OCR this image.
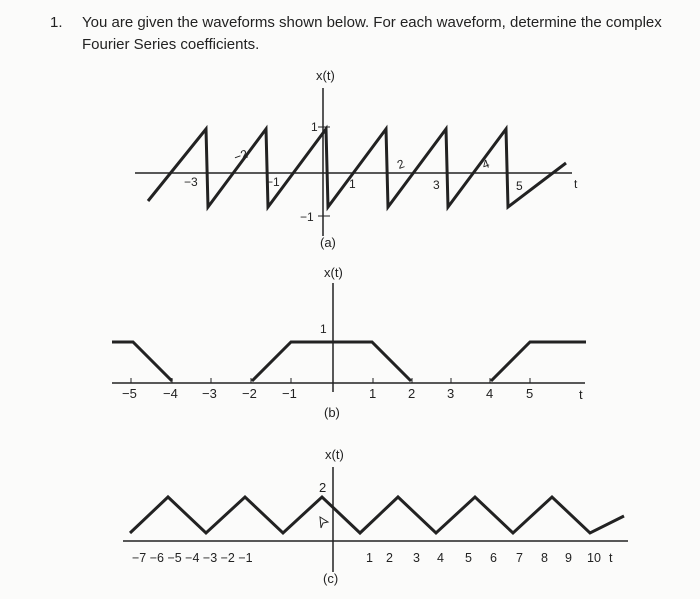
1. You are given the waveforms shown below. For each waveform, determine the complex Fourier Series coefficients.
x(t)
1
−1
−3
−2
−1	1
2
3
4
5	t
(a)
x(t)
1
−5 −4 −3 −2 −1	1 2 3 4	5	t
(b)
x(t)
2
−7 −6 −5 −4 −3 −2 −1	1 2 3 4 5 6 7 8 9 10 t
(c)
